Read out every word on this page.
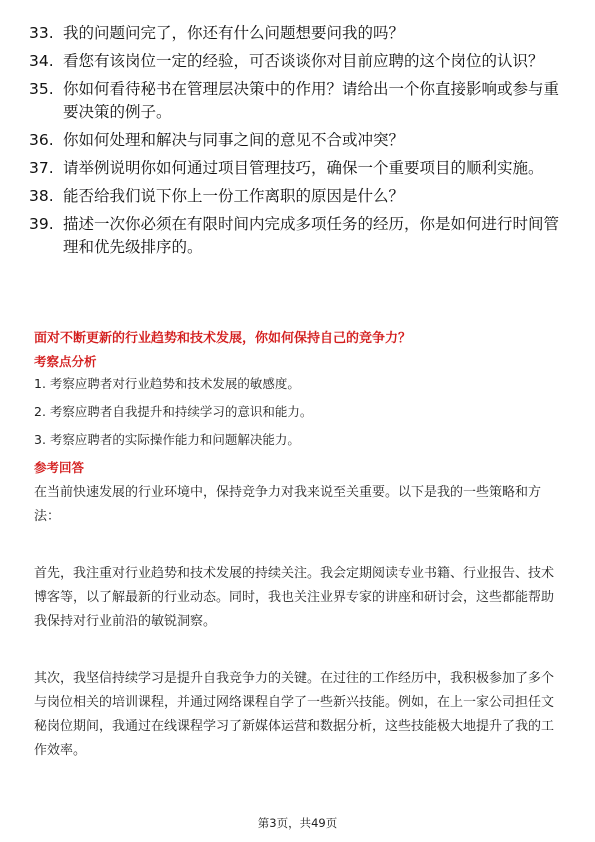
33. 我的问题问完了，你还有什么问题想要问我的吗？
34. 看您有该岗位一定的经验，可否谈谈你对目前应聘的这个岗位的认识？
35. 你如何看待秘书在管理层决策中的作用？请给出一个你直接影响或参与重要决策的例子。
36. 你如何处理和解决与同事之间的意见不合或冲突？
37. 请举例说明你如何通过项目管理技巧，确保一个重要项目的顺利实施。
38. 能否给我们说下你上一份工作离职的原因是什么？
39. 描述一次你必须在有限时间内完成多项任务的经历，你是如何进行时间管理和优先级排序的。
面对不断更新的行业趋势和技术发展，你如何保持自己的竞争力？
考察点分析
1. 考察应聘者对行业趋势和技术发展的敏感度。
2. 考察应聘者自我提升和持续学习的意识和能力。
3. 考察应聘者的实际操作能力和问题解决能力。
参考回答

在当前快速发展的行业环境中，保持竞争力对我来说至关重要。以下是我的一些策略和方法：

首先，我注重对行业趋势和技术发展的持续关注。我会定期阅读专业书籍、行业报告、技术博客等，以了解最新的行业动态。同时，我也关注业界专家的讲座和研讨会，这些都能帮助我保持对行业前沿的敏锐洞察。

其次，我坚信持续学习是提升自我竞争力的关键。在过往的工作经历中，我积极参加了多个与岗位相关的培训课程，并通过网络课程自学了一些新兴技能。例如，在上一家公司担任文秘岗位期间，我通过在线课程学习了新媒体运营和数据分析，这些技能极大地提升了我的工作效率。

第3页，共49页
